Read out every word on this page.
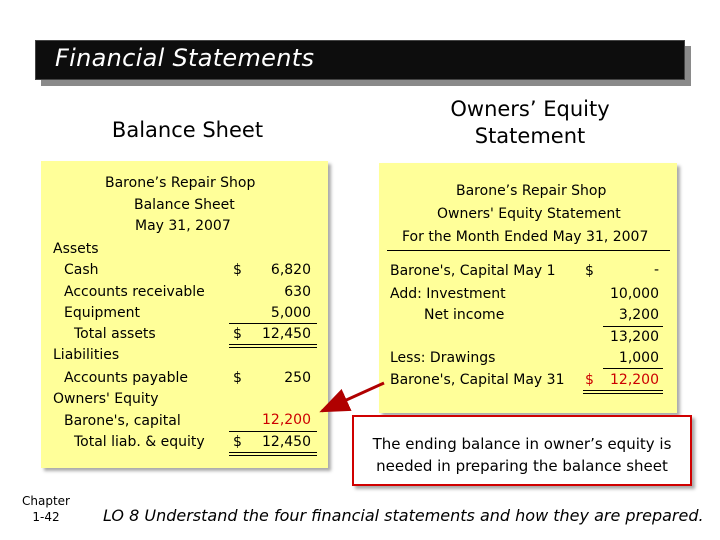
Financial Statements
Balance Sheet
Owners’ Equity
Statement
Barone’s Repair Shop
Balance Sheet
May 31, 2007
Assets
Cash	$	6,820
Accounts receivable	630
Equipment	5,000
Total assets	$	12,450
Liabilities
Accounts payable	$	250
Owners' Equity
Barone's, capital	12,200
Total liab. & equity $	12,450
Barone’s Repair Shop
Owners' Equity Statement
For the Month Ended May 31, 2007
Barone's, Capital May 1 $	-
Add: Investment	10,000
Net income	3,200
13,200
Less: Drawings	1,000
Barone's, Capital May 31 $	12,200
The ending balance in owner’s equity is
needed in preparing the balance sheet
Chapter
1-42	LO 8 Understand the four financial statements and how they are prepared.
